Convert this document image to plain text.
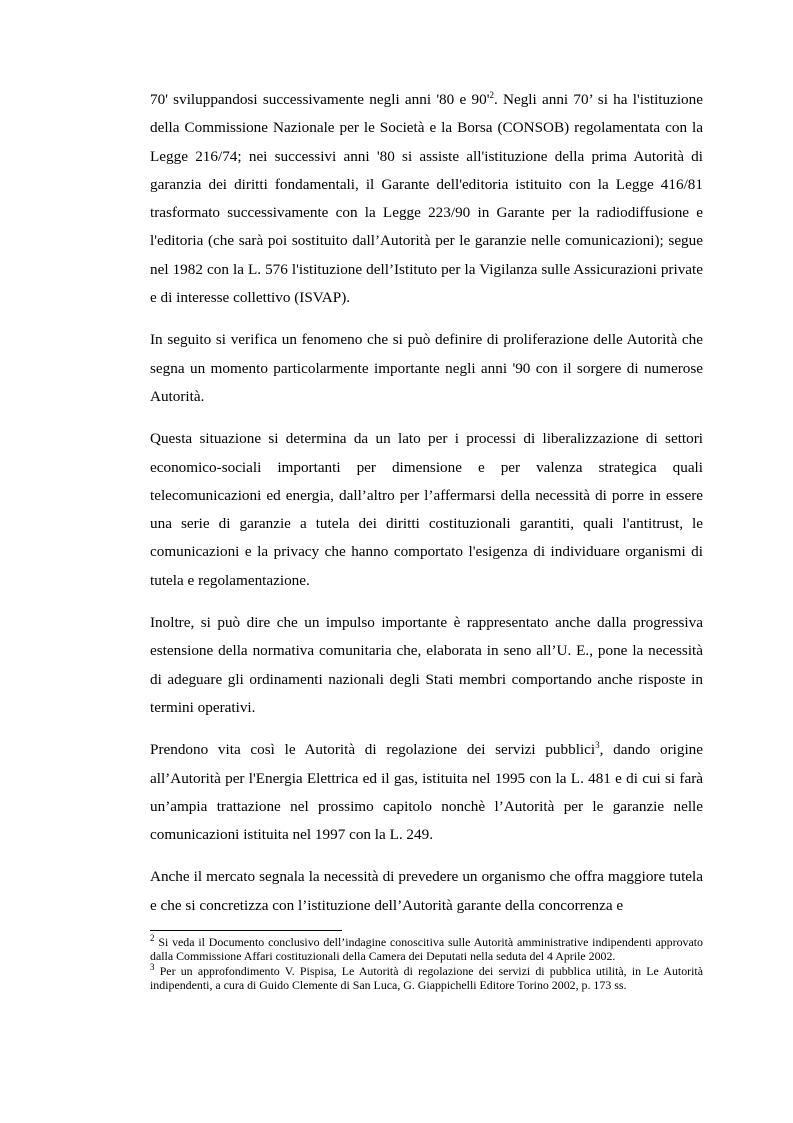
70' sviluppandosi successivamente negli anni '80 e $90'^2$. Negli anni 70’ si ha l'istituzione della Commissione Nazionale per le Società e la Borsa (CONSOB) regolamentata con la Legge 216/74; nei successivi anni '80 si assiste all'istituzione della prima Autorità di garanzia dei diritti fondamentali, il Garante dell'editoria istituito con la Legge 416/81 trasformato successivamente con la Legge 223/90 in Garante per la radiodiffusione e l'editoria (che sarà poi sostituito dall’Autorità per le garanzie nelle comunicazioni); segue nel 1982 con la L. 576 l'istituzione dell’Istituto per la Vigilanza sulle Assicurazioni private e di interesse collettivo (ISVAP).

In seguito si verifica un fenomeno che si può definire di proliferazione delle Autorità che segna un momento particolarmente importante negli anni '90 con il sorgere di numerose Autorità.

Questa situazione si determina da un lato per i processi di liberalizzazione di settori economico-sociali importanti per dimensione e per valenza strategica quali telecomunicazioni ed energia, dall’altro per l’affermarsi della necessità di porre in essere una serie di garanzie a tutela dei diritti costituzionali garantiti, quali l'antitrust, le comunicazioni e la privacy che hanno comportato l'esigenza di individuare organismi di tutela e regolamentazione.

Inoltre, si può dire che un impulso importante è rappresentato anche dalla progressiva estensione della normativa comunitaria che, elaborata in seno all’U. E., pone la necessità di adeguare gli ordinamenti nazionali degli Stati membri comportando anche risposte in termini operativi.

Prendono vita così le Autorità di regolazione dei servizi pubblici$^3$, dando origine all’Autorità per l'Energia Elettrica ed il gas, istituita nel 1995 con la L. 481 e di cui si farà un’ampia trattazione nel prossimo capitolo nonchè l’Autorità per le garanzie nelle comunicazioni istituita nel 1997 con la L. 249.

Anche il mercato segnala la necessità di prevedere un organismo che offra maggiore tutela e che si concretizza con l’istituzione dell’Autorità garante della concorrenza e

$^2$ Si veda il Documento conclusivo dell’indagine conoscitiva sulle Autorità amministrative indipendenti approvato dalla Commissione Affari costituzionali della Camera dei Deputati nella seduta del 4 Aprile 2002.

$^3$ Per un approfondimento V. Pispisa, Le Autorità di regolazione dei servizi di pubblica utilità, in Le Autorità indipendenti, a cura di Guido Clemente di San Luca, G. Giappichelli Editore Torino 2002, p. 173 ss.
